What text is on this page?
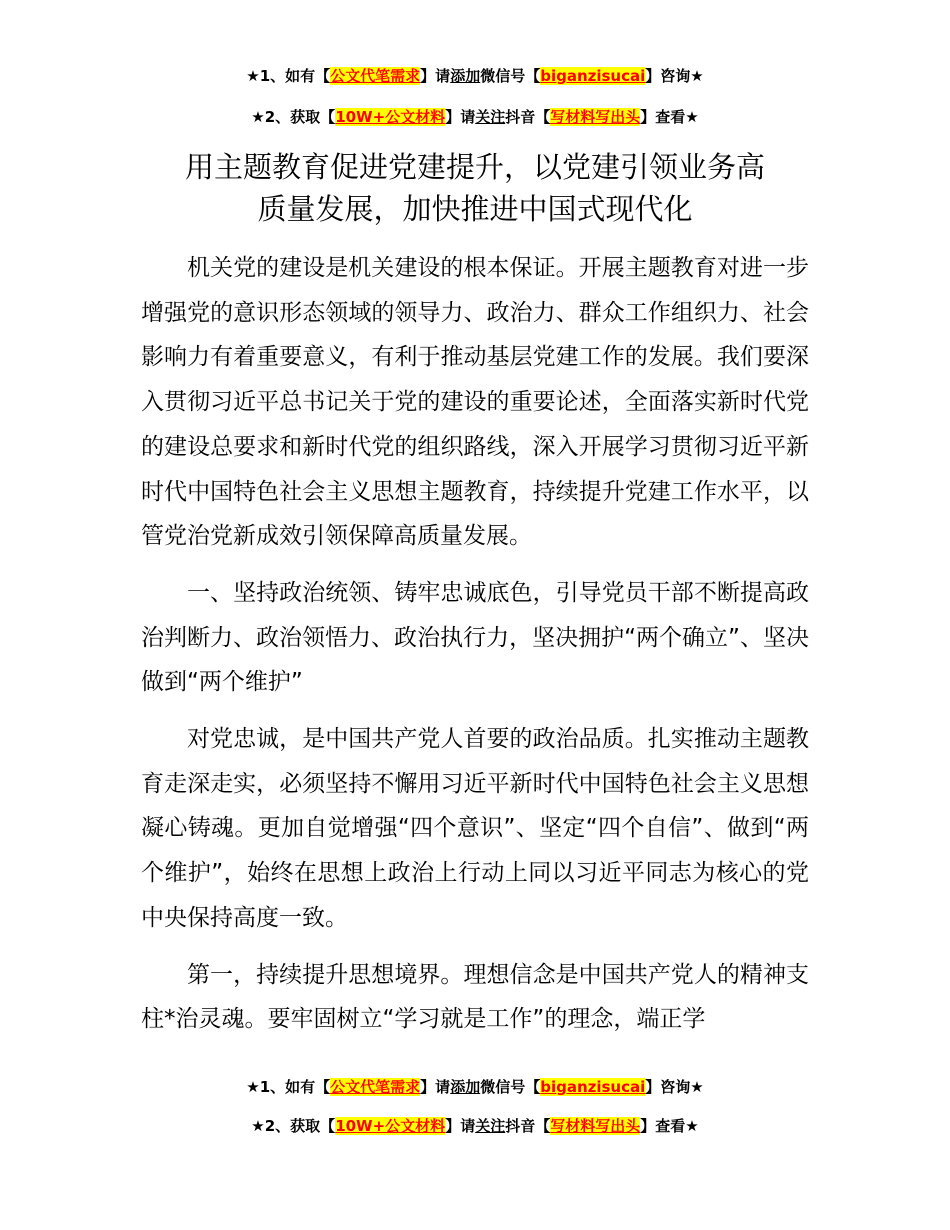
★1、如有【公文代笔需求】请添加微信号【biganzisucai】咨询★
★2、获取【10W+公文材料】请关注抖音【写材料写出头】查看★
用主题教育促进党建提升，以党建引领业务高
质量发展，加快推进中国式现代化

机关党的建设是机关建设的根本保证。开展主题教育对进一步增强党的意识形态领域的领导力、政治力、群众工作组织力、社会影响力有着重要意义，有利于推动基层党建工作的发展。我们要深入贯彻习近平总书记关于党的建设的重要论述，全面落实新时代党的建设总要求和新时代党的组织路线，深入开展学习贯彻习近平新时代中国特色社会主义思想主题教育，持续提升党建工作水平，以管党治党新成效引领保障高质量发展。

一、坚持政治统领、铸牢忠诚底色，引导党员干部不断提高政治判断力、政治领悟力、政治执行力，坚决拥护“两个确立”、坚决做到“两个维护”

对党忠诚，是中国共产党人首要的政治品质。扎实推动主题教育走深走实，必须坚持不懈用习近平新时代中国特色社会主义思想凝心铸魂。更加自觉增强“四个意识”、坚定“四个自信”、做到“两个维护”，始终在思想上政治上行动上同以习近平同志为核心的党中央保持高度一致。

第一，持续提升思想境界。理想信念是中国共产党人的精神支柱*治灵魂。要牢固树立“学习就是工作”的理念，端正学

★1、如有【公文代笔需求】请添加微信号【biganzisucai】咨询★
★2、获取【10W+公文材料】请关注抖音【写材料写出头】查看★
